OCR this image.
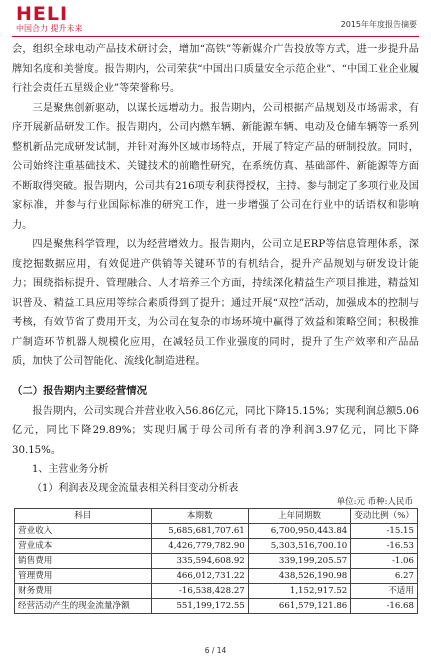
HELI
中国合力 提升未来	2015年年度报告摘要

会，组织全球电动产品技术研讨会，增加“高铁”等新媒介广告投放等方式，进一步提升品牌知名度和美誉度。报告期内，公司荣获“中国出口质量安全示范企业”、“中国工业企业履行社会责任五星级企业”等荣誉称号。

三是聚焦创新驱动，以谋长远增动力。报告期内，公司根据产品规划及市场需求，有序开展新品研发工作。报告期内，公司内燃车辆、新能源车辆、电动及仓储车辆等一系列整机新品完成研发试制，并针对海外区域市场特点，开展了特定产品的研制投放。同时，公司始终注重基础技术、关键技术的前瞻性研究，在系统仿真、基础部件、新能源等方面不断取得突破。报告期内，公司共有216项专利获得授权，主持、参与制定了多项行业及国家标准，并参与行业国际标准的研究工作，进一步增强了公司在行业中的话语权和影响力。

四是聚焦科学管理，以为经营增效力。报告期内，公司立足ERP等信息管理体系，深度挖掘数据应用，有效促进产供销等关键环节的有机结合，提升产品规划与研发设计能力；围绕指标提升、管理融合、人才培养三个方面，持续深化精益生产项目推进，精益知识普及、精益工具应用等综合素质得到了提升；通过开展“双控”活动，加强成本的控制与考核，有效节省了费用开支，为公司在复杂的市场环境中赢得了效益和策略空间；积极推广制造环节机器人规模化应用，在减轻员工作业强度的同时，提升了生产效率和产品品质，加快了公司智能化、流线化制造进程。

（二）报告期内主要经营情况

报告期内，公司实现合并营业收入56.86亿元，同比下降15.15%；实现利润总额5.06亿元，同比下降29.89%；实现归属于母公司所有者的净利润3.97亿元，同比下降30.15%。

1、主营业务分析

（1）利润表及现金流量表相关科目变动分析表

单位:元 币种:人民币
科目	本期数	上年同期数	变动比例（%）
营业收入	5,685,681,707.61	6,700,950,443.84	-15.15
营业成本	4,426,779,782.90	5,303,516,700.10	-16.53
销售费用	335,594,608.92	339,199,205.57	-1.06
管理费用	466,012,731.22	438,526,190.98	6.27
财务费用	-16,538,428.27	1,152,917.52	不适用
经营活动产生的现金流量净额	551,199,172.55	661,579,121.86	-16.68
6 / 14
